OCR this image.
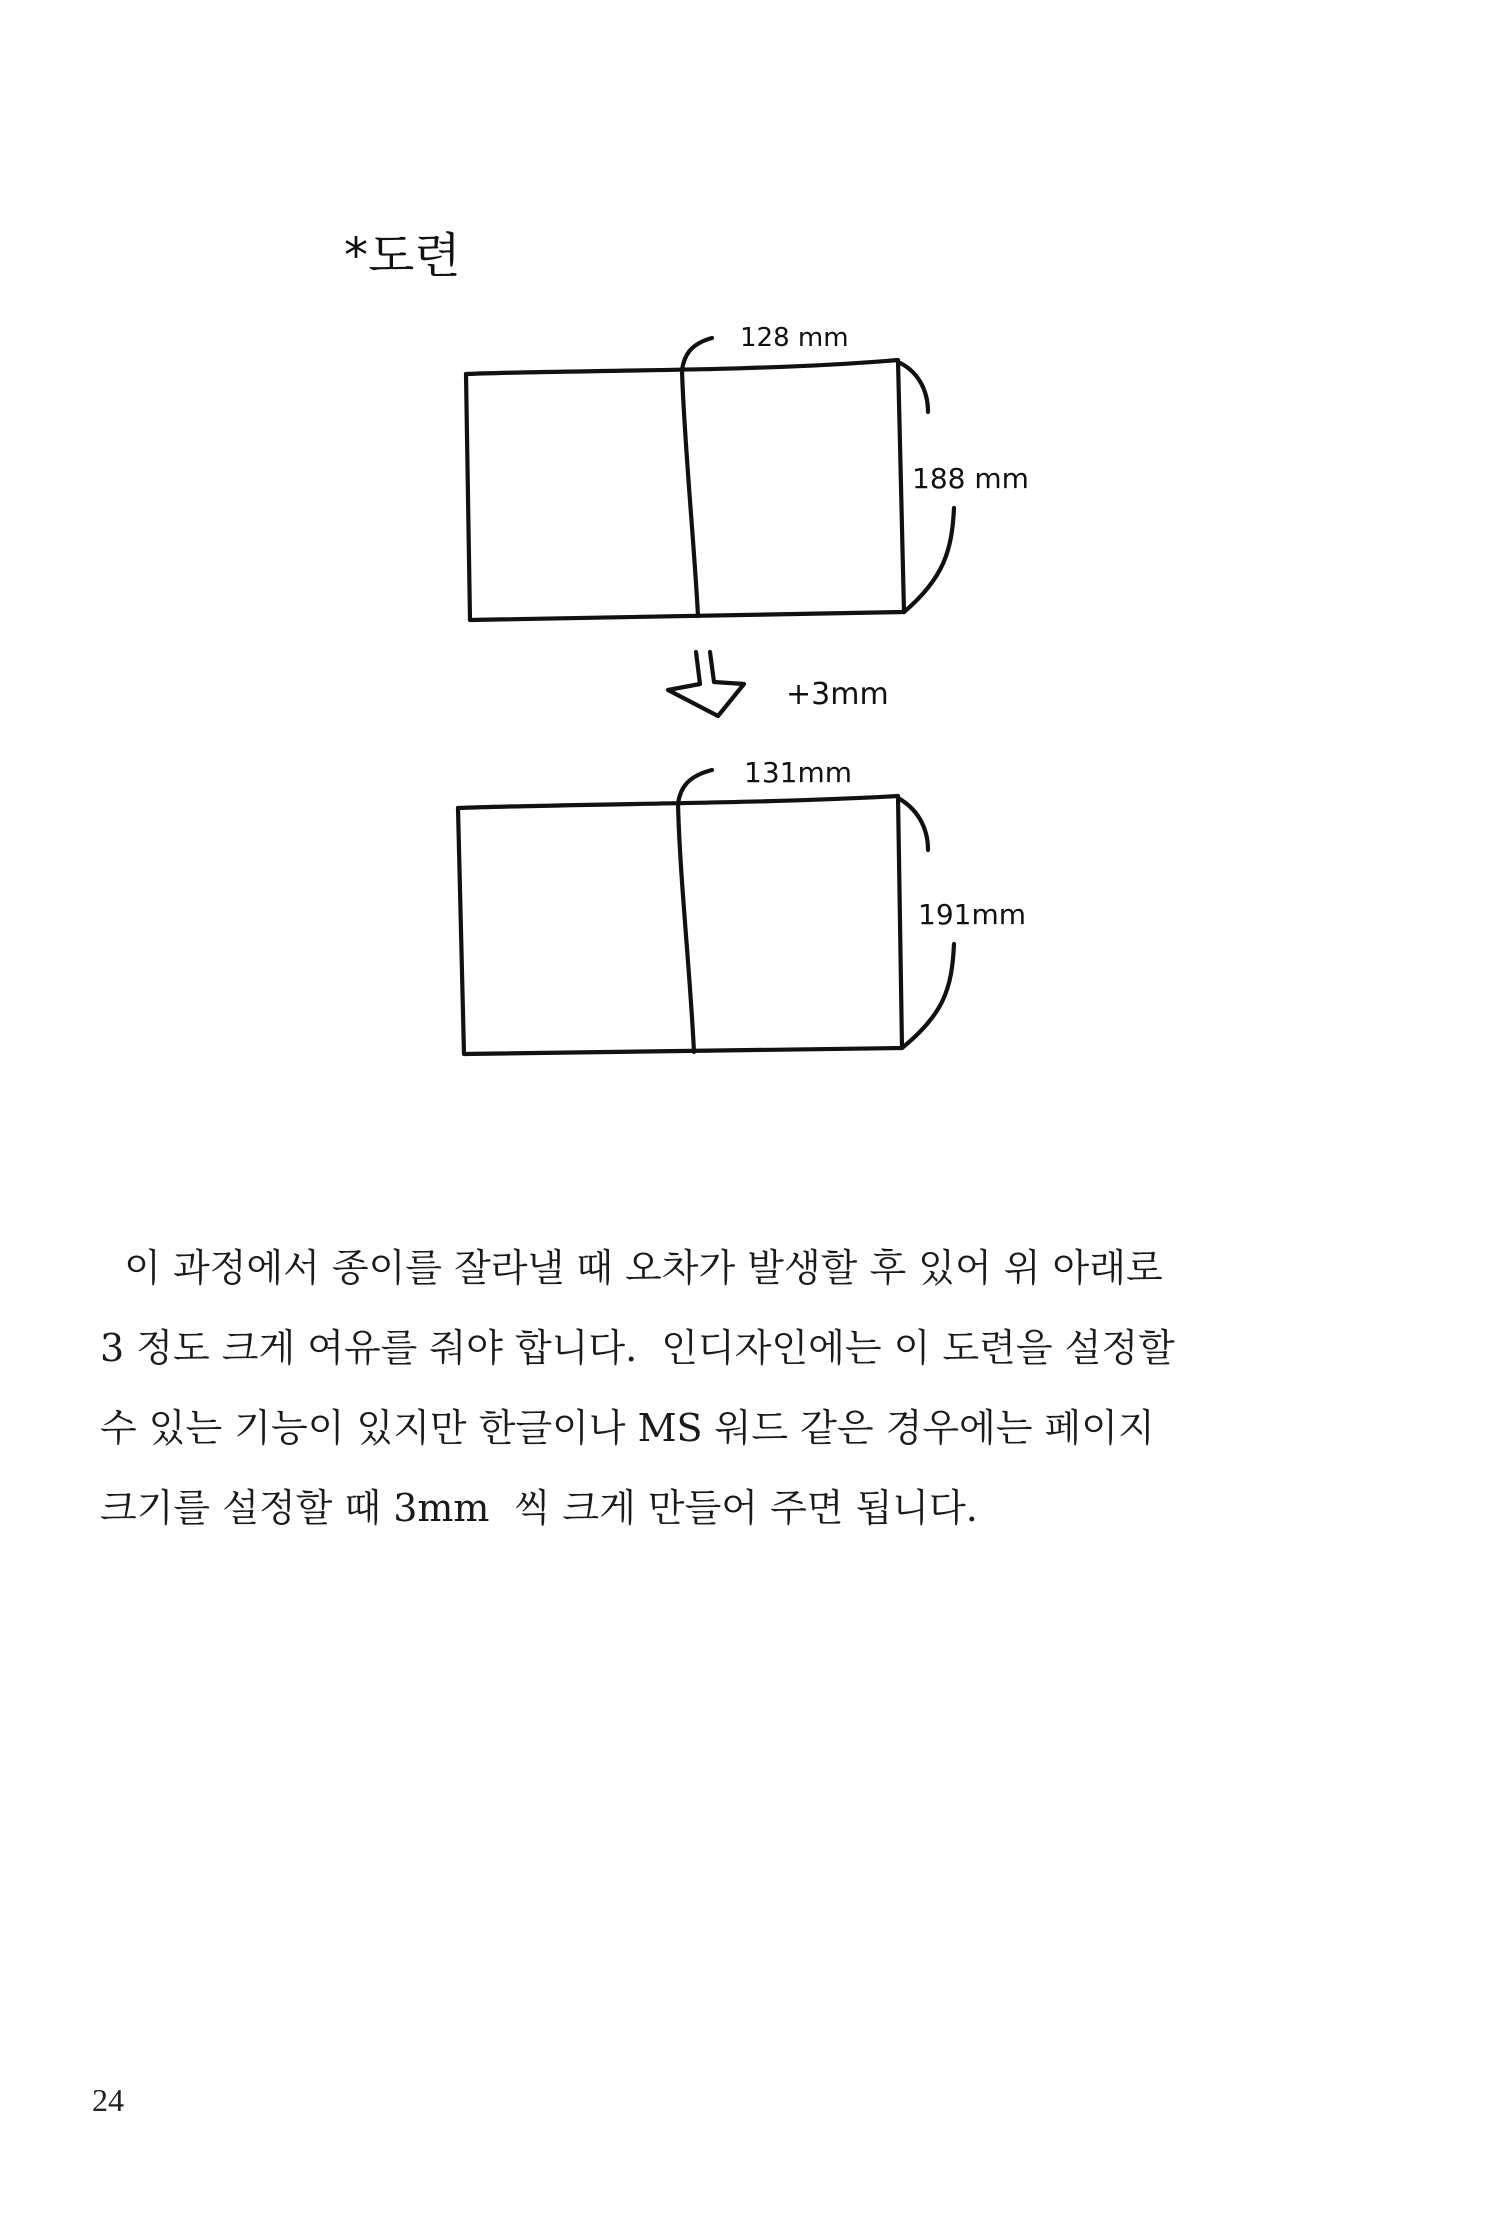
*도련
128 mm
188 mm
+3mm
131mm
191mm

이 과정에서 종이를 잘라낼 때 오차가 발생할 후 있어 위 아래로

3 정도 크게 여유를 줘야 합니다.  인디자인에는 이 도련을 설정할

수 있는 기능이 있지만 한글이나 MS 워드 같은 경우에는 페이지

크기를 설정할 때 3mm  씩 크게 만들어 주면 됩니다.

24
